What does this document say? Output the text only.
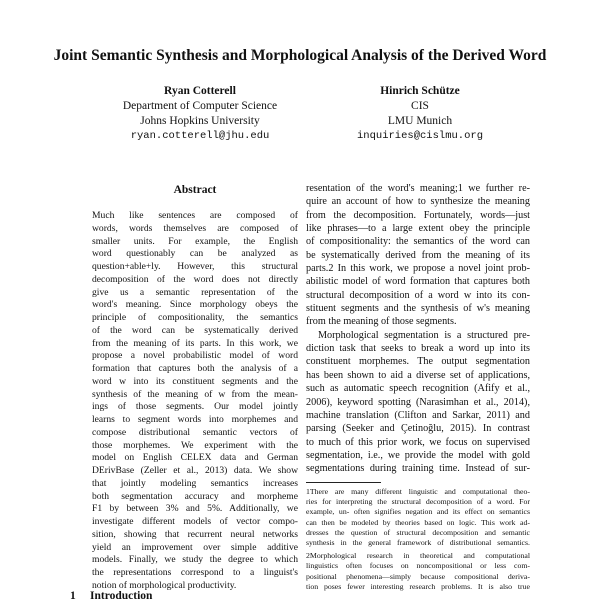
Joint Semantic Synthesis and Morphological Analysis of the Derived Word
Ryan Cotterell
Department of Computer Science
Johns Hopkins University
ryan.cotterell@jhu.edu
Hinrich Schütze
CIS
LMU Munich
inquiries@cislmu.org
Abstract
Much like sentences are composed of
words, words themselves are composed of
smaller units. For example, the English
word questionably can be analyzed as
question+able+ly. However, this structural
decomposition of the word does not directly
give us a semantic representation of the
word's meaning. Since morphology obeys the
principle of compositionality, the semantics
of the word can be systematically derived
from the meaning of its parts. In this work, we
propose a novel probabilistic model of word
formation that captures both the analysis of a
word w into its constituent segments and the
synthesis of the meaning of w from the mean-
ings of those segments. Our model jointly
learns to segment words into morphemes and
compose distributional semantic vectors of
those morphemes. We experiment with the
model on English CELEX data and German
DErivBase (Zeller et al., 2013) data. We show
that jointly modeling semantics increases
both segmentation accuracy and morpheme
F1 by between 3% and 5%. Additionally, we
investigate different models of vector compo-
sition, showing that recurrent neural networks
yield an improvement over simple additive
models. Finally, we study the degree to which
the representations correspond to a linguist's
notion of morphological productivity.
resentation of the word's meaning;1 we further re-
quire an account of how to synthesize the meaning
from the decomposition. Fortunately, words—just
like phrases—to a large extent obey the principle
of compositionality: the semantics of the word can
be systematically derived from the meaning of its
parts.2 In this work, we propose a novel joint prob-
abilistic model of word formation that captures both
structural decomposition of a word w into its con-
stituent segments and the synthesis of w's meaning
from the meaning of those segments.
Morphological segmentation is a structured pre-
diction task that seeks to break a word up into its
constituent morphemes. The output segmentation
has been shown to aid a diverse set of applications,
such as automatic speech recognition (Afify et al.,
2006), keyword spotting (Narasimhan et al., 2014),
machine translation (Clifton and Sarkar, 2011) and
parsing (Seeker and Çetinoğlu, 2015). In contrast
to much of this prior work, we focus on supervised
segmentation, i.e., we provide the model with gold
segmentations during training time. Instead of sur-
1There are many different linguistic and computational theo-
ries for interpreting the structural decomposition of a word. For
example, un- often signifies negation and its effect on semantics
can then be modeled by theories based on logic. This work ad-
dresses the question of structural decomposition and semantic
synthesis in the general framework of distributional semantics.
2Morphological research in theoretical and computational
linguistics often focuses on noncompositional or less com-
positional phenomena—simply because compositional deriva-
tion poses fewer interesting research problems. It is also true
1 Introduction
